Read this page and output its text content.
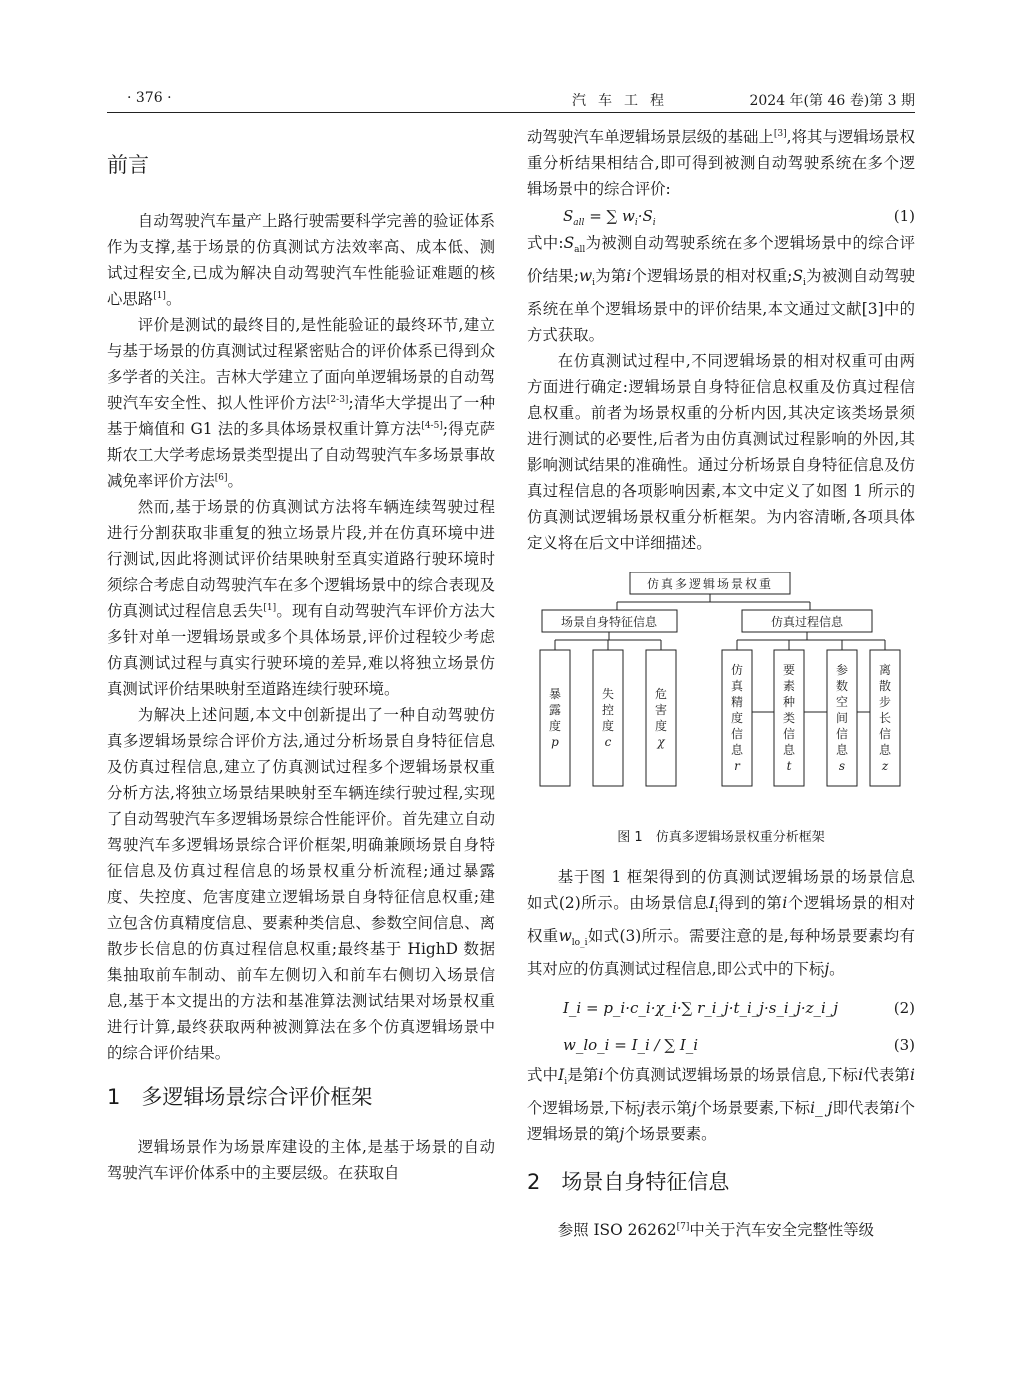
· 376 ·	汽车工程	2024 年(第 46 卷)第 3 期
前言

自动驾驶汽车量产上路行驶需要科学完善的验证体系作为支撑,基于场景的仿真测试方法效率高、成本低、测试过程安全,已成为解决自动驾驶汽车性能验证难题的核心思路[1]。

评价是测试的最终目的,是性能验证的最终环节,建立与基于场景的仿真测试过程紧密贴合的评价体系已得到众多学者的关注。吉林大学建立了面向单逻辑场景的自动驾驶汽车安全性、拟人性评价方法[2-3];清华大学提出了一种基于熵值和 G1 法的多具体场景权重计算方法[4-5];得克萨斯农工大学考虑场景类型提出了自动驾驶汽车多场景事故减免率评价方法[6]。

然而,基于场景的仿真测试方法将车辆连续驾驶过程进行分割获取非重复的独立场景片段,并在仿真环境中进行测试,因此将测试评价结果映射至真实道路行驶环境时须综合考虑自动驾驶汽车在多个逻辑场景中的综合表现及仿真测试过程信息丢失[1]。现有自动驾驶汽车评价方法大多针对单一逻辑场景或多个具体场景,评价过程较少考虑仿真测试过程与真实行驶环境的差异,难以将独立场景仿真测试评价结果映射至道路连续行驶环境。

为解决上述问题,本文中创新提出了一种自动驾驶仿真多逻辑场景综合评价方法,通过分析场景自身特征信息及仿真过程信息,建立了仿真测试过程多个逻辑场景权重分析方法,将独立场景结果映射至车辆连续行驶过程,实现了自动驾驶汽车多逻辑场景综合性能评价。首先建立自动驾驶汽车多逻辑场景综合评价框架,明确兼顾场景自身特征信息及仿真过程信息的场景权重分析流程;通过暴露度、失控度、危害度建立逻辑场景自身特征信息权重;建立包含仿真精度信息、要素种类信息、参数空间信息、离散步长信息的仿真过程信息权重;最终基于 HighD 数据集抽取前车制动、前车左侧切入和前车右侧切入场景信息,基于本文提出的方法和基准算法测试结果对场景权重进行计算,最终获取两种被测算法在多个仿真逻辑场景中的综合评价结果。

1　多逻辑场景综合评价框架

逻辑场景作为场景库建设的主体,是基于场景的自动驾驶汽车评价体系中的主要层级。在获取自

动驾驶汽车单逻辑场景层级的基础上[3],将其与逻辑场景权重分析结果相结合,即可得到被测自动驾驶系统在多个逻辑场景中的综合评价:

$S_{all}$ = ∑ $w_i\cdot S_i$	(1)

式中$:S_{all}$为被测自动驾驶系统在多个逻辑场景中的综合评价结果$;w_i$为第i个逻辑场景的相对权重$;S_i$为被测自动驾驶系统在单个逻辑场景中的评价结果,本文通过文献[3]中的方式获取。

在仿真测试过程中,不同逻辑场景的相对权重可由两方面进行确定:逻辑场景自身特征信息权重及仿真过程信息权重。前者为场景权重的分析内因,其决定该类场景须进行测试的必要性,后者为由仿真测试过程影响的外因,其影响测试结果的准确性。通过分析场景自身特征信息及仿真过程信息的各项影响因素,本文中定义了如图 1 所示的仿真测试逻辑场景权重分析框架。为内容清晰,各项具体定义将在后文中详细描述。

仿真多逻辑场景权重
场景自身特征信息	仿真过程信息
暴露度 p
失控度 c
危害度 χ
仿真精度信息 r
要素种类信息 t
参数空间信息 s
离散步长信息 z
图 1　仿真多逻辑场景权重分析框架

基于图 1 框架得到的仿真测试逻辑场景的场景信息如式(2)所示。由场景信息$I_i$得到的第i个逻辑场景的相对权重$w_{lo\_i}$如式(3)所示。需要注意的是,每种场景要素均有其对应的仿真测试过程信息,即公式中的下标j。

I_i = p_i·c_i·χ_i·∑ r_i_j·t_i_j·s_i_j·z_i_j	(2)
w_lo_i = I_i / ∑ I_i	(3)

式中$I_i$是第i个仿真测试逻辑场景的场景信息,下标i代表第i个逻辑场景,下标j表示第j个场景要素,下标i_ j即代表第i个逻辑场景的第j个场景要素。

2　场景自身特征信息

参照 ISO 26262[7]中关于汽车安全完整性等级
